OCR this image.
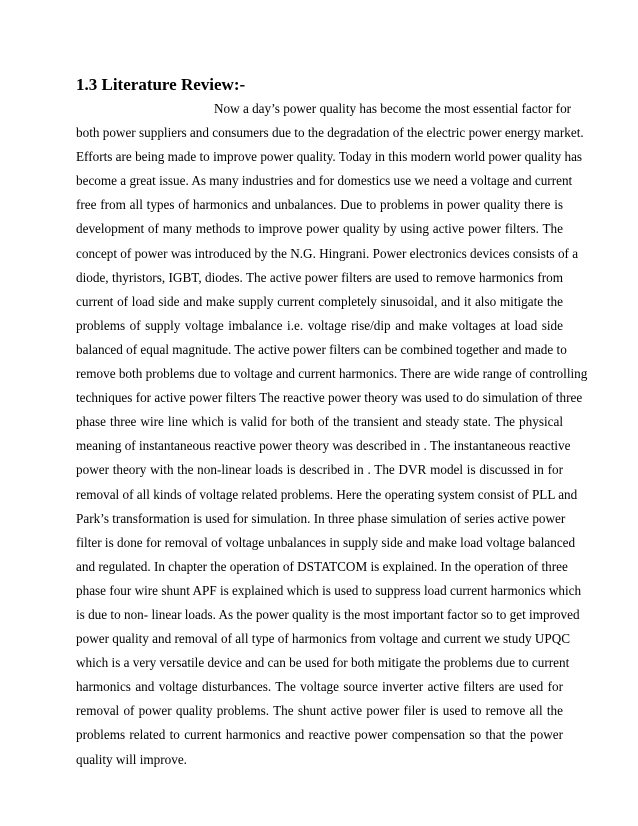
1.3 Literature Review:-
Now a day’s power quality has become the most essential factor for
both power suppliers and consumers due to the degradation of the electric power energy market.
Efforts are being made to improve power quality. Today in this modern world power quality has
become a great issue. As many industries and for domestics use we need a voltage and current
free from all types of harmonics and unbalances. Due to problems in power quality there is
development of many methods to improve power quality by using active power filters. The
concept of power was introduced by the N.G. Hingrani. Power electronics devices consists of a
diode, thyristors, IGBT, diodes. The active power filters are used to remove harmonics from
current of load side and make supply current completely sinusoidal, and it also mitigate the
problems of supply voltage imbalance i.e. voltage rise/dip and make voltages at load side
balanced of equal magnitude. The active power filters can be combined together and made to
remove both problems due to voltage and current harmonics. There are wide range of controlling
techniques for active power filters The reactive power theory was used to do simulation of three
phase three wire line which is valid for both of the transient and steady state. The physical
meaning of instantaneous reactive power theory was described in . The instantaneous reactive
power theory with the non-linear loads is described in . The DVR model is discussed in for
removal of all kinds of voltage related problems. Here the operating system consist of PLL and
Park’s transformation is used for simulation. In three phase simulation of series active power
filter is done for removal of voltage unbalances in supply side and make load voltage balanced
and regulated. In chapter the operation of DSTATCOM is explained. In the operation of three
phase four wire shunt APF is explained which is used to suppress load current harmonics which
is due to non- linear loads. As the power quality is the most important factor so to get improved
power quality and removal of all type of harmonics from voltage and current we study UPQC
which is a very versatile device and can be used for both mitigate the problems due to current
harmonics and voltage disturbances. The voltage source inverter active filters are used for
removal of power quality problems. The shunt active power filer is used to remove all the
problems related to current harmonics and reactive power compensation so that the power
quality will improve.
